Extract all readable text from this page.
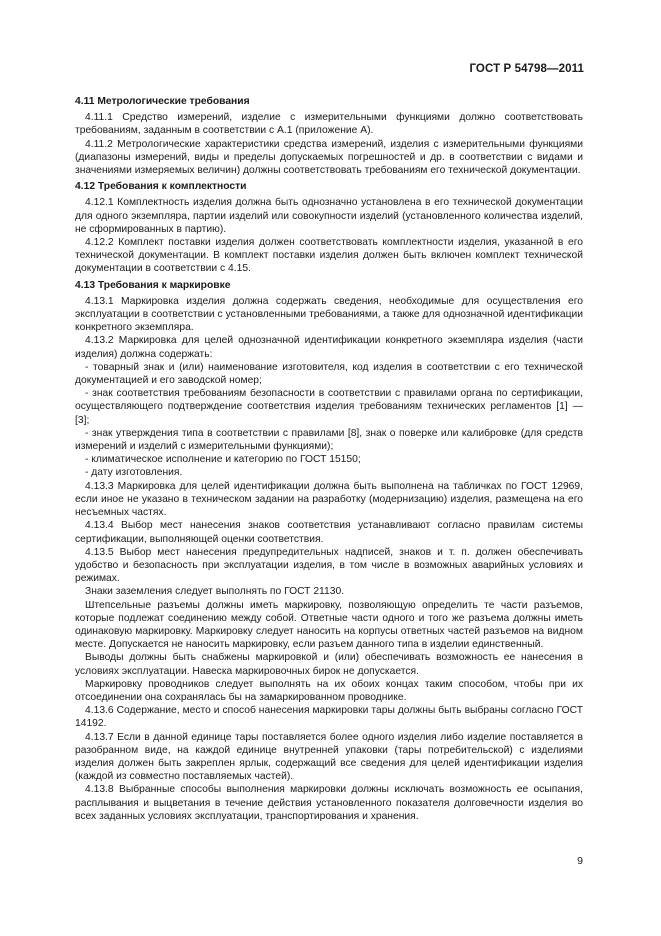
ГОСТ Р 54798—2011
4.11 Метрологические требования

4.11.1 Средство измерений, изделие с измерительными функциями должно соответствовать требованиям, заданным в соответствии с А.1 (приложение А).

4.11.2 Метрологические характеристики средства измерений, изделия с измерительными функциями (диапазоны измерений, виды и пределы допускаемых погрешностей и др. в соответствии с видами и значениями измеряемых величин) должны соответствовать требованиям его технической документации.

4.12 Требования к комплектности

4.12.1 Комплектность изделия должна быть однозначно установлена в его технической документации для одного экземпляра, партии изделий или совокупности изделий (установленного количества изделий, не сформированных в партию).

4.12.2 Комплект поставки изделия должен соответствовать комплектности изделия, указанной в его технической документации. В комплект поставки изделия должен быть включен комплект технической документации в соответствии с 4.15.

4.13 Требования к маркировке

4.13.1 Маркировка изделия должна содержать сведения, необходимые для осуществления его эксплуатации в соответствии с установленными требованиями, а также для однозначной идентификации конкретного экземпляра.

4.13.2 Маркировка для целей однозначной идентификации конкретного экземпляра изделия (части изделия) должна содержать:

- товарный знак и (или) наименование изготовителя, код изделия в соответствии с его технической документацией и его заводской номер;

- знак соответствия требованиям безопасности в соответствии с правилами органа по сертификации, осуществляющего подтверждение соответствия изделия требованиям технических регламентов [1] — [3];

- знак утверждения типа в соответствии с правилами [8], знак о поверке или калибровке (для средств измерений и изделий с измерительными функциями);

- климатическое исполнение и категорию по ГОСТ 15150;

- дату изготовления.

4.13.3 Маркировка для целей идентификации должна быть выполнена на табличках по ГОСТ 12969, если иное не указано в техническом задании на разработку (модернизацию) изделия, размещена на его несъемных частях.

4.13.4 Выбор мест нанесения знаков соответствия устанавливают согласно правилам системы сертификации, выполняющей оценки соответствия.

4.13.5 Выбор мест нанесения предупредительных надписей, знаков и т. п. должен обеспечивать удобство и безопасность при эксплуатации изделия, в том числе в возможных аварийных условиях и режимах.

Знаки заземления следует выполнять по ГОСТ 21130.

Штепсельные разъемы должны иметь маркировку, позволяющую определить те части разъемов, которые подлежат соединению между собой. Ответные части одного и того же разъема должны иметь одинаковую маркировку. Маркировку следует наносить на корпусы ответных частей разъемов на видном месте. Допускается не наносить маркировку, если разъем данного типа в изделии единственный.

Выводы должны быть снабжены маркировкой и (или) обеспечивать возможность ее нанесения в условиях эксплуатации. Навеска маркировочных бирок не допускается.

Маркировку проводников следует выполнять на их обоих концах таким способом, чтобы при их отсоединении она сохранялась бы на замаркированном проводнике.

4.13.6 Содержание, место и способ нанесения маркировки тары должны быть выбраны согласно ГОСТ 14192.

4.13.7 Если в данной единице тары поставляется более одного изделия либо изделие поставляется в разобранном виде, на каждой единице внутренней упаковки (тары потребительской) с изделиями изделия должен быть закреплен ярлык, содержащий все сведения для целей идентификации изделия (каждой из совместно поставляемых частей).

4.13.8 Выбранные способы выполнения маркировки должны исключать возможность ее осыпания, расплывания и выцветания в течение действия установленного показателя долговечности изделия во всех заданных условиях эксплуатации, транспортирования и хранения.

9
